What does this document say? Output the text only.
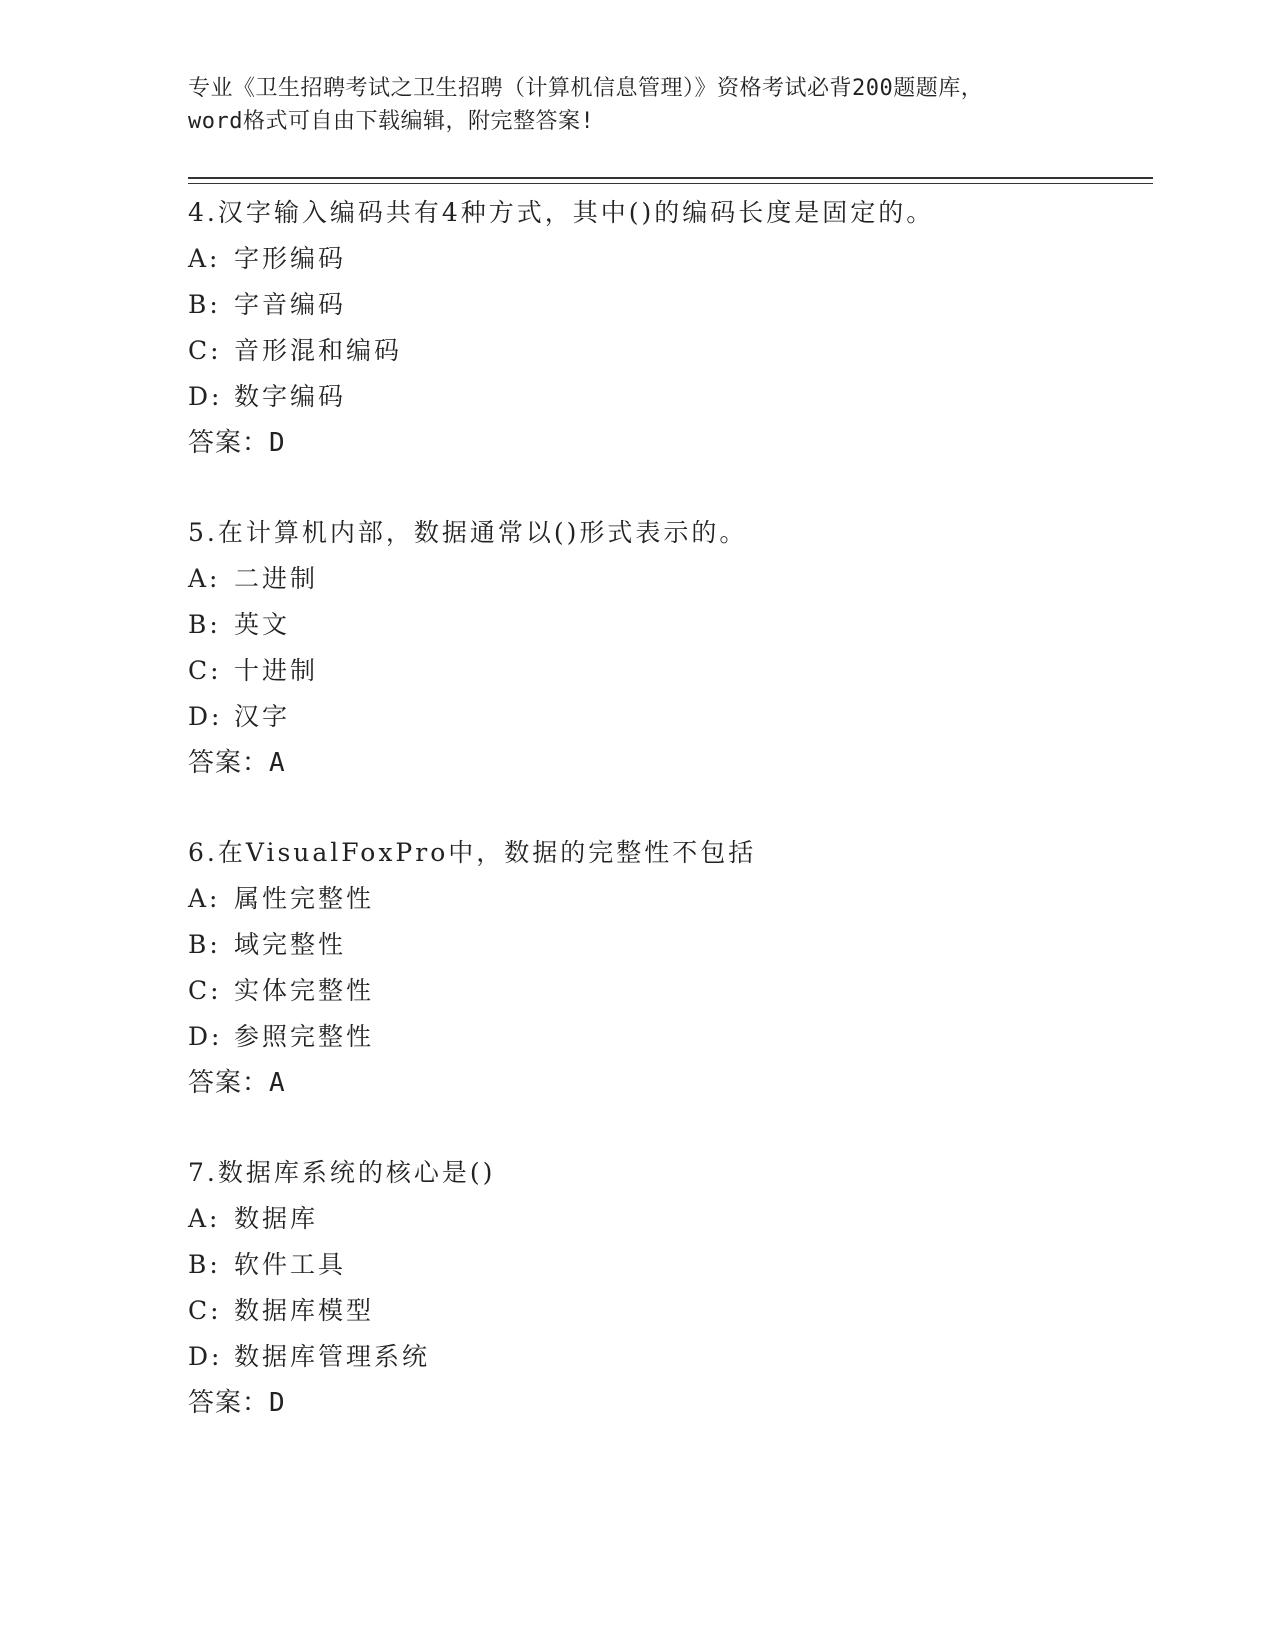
专业《卫生招聘考试之卫生招聘（计算机信息管理）》资格考试必背200题题库，
word格式可自由下载编辑，附完整答案!
4.汉字输入编码共有4种方式，其中()的编码长度是固定的。
A: 字形编码
B: 字音编码
C: 音形混和编码
D: 数字编码
答案：D
5.在计算机内部，数据通常以()形式表示的。
A: 二进制
B: 英文
C: 十进制
D: 汉字
答案：A
6.在VisualFoxPro中，数据的完整性不包括
A: 属性完整性
B: 域完整性
C: 实体完整性
D: 参照完整性
答案：A
7.数据库系统的核心是()
A: 数据库
B: 软件工具
C: 数据库模型
D: 数据库管理系统
答案：D
